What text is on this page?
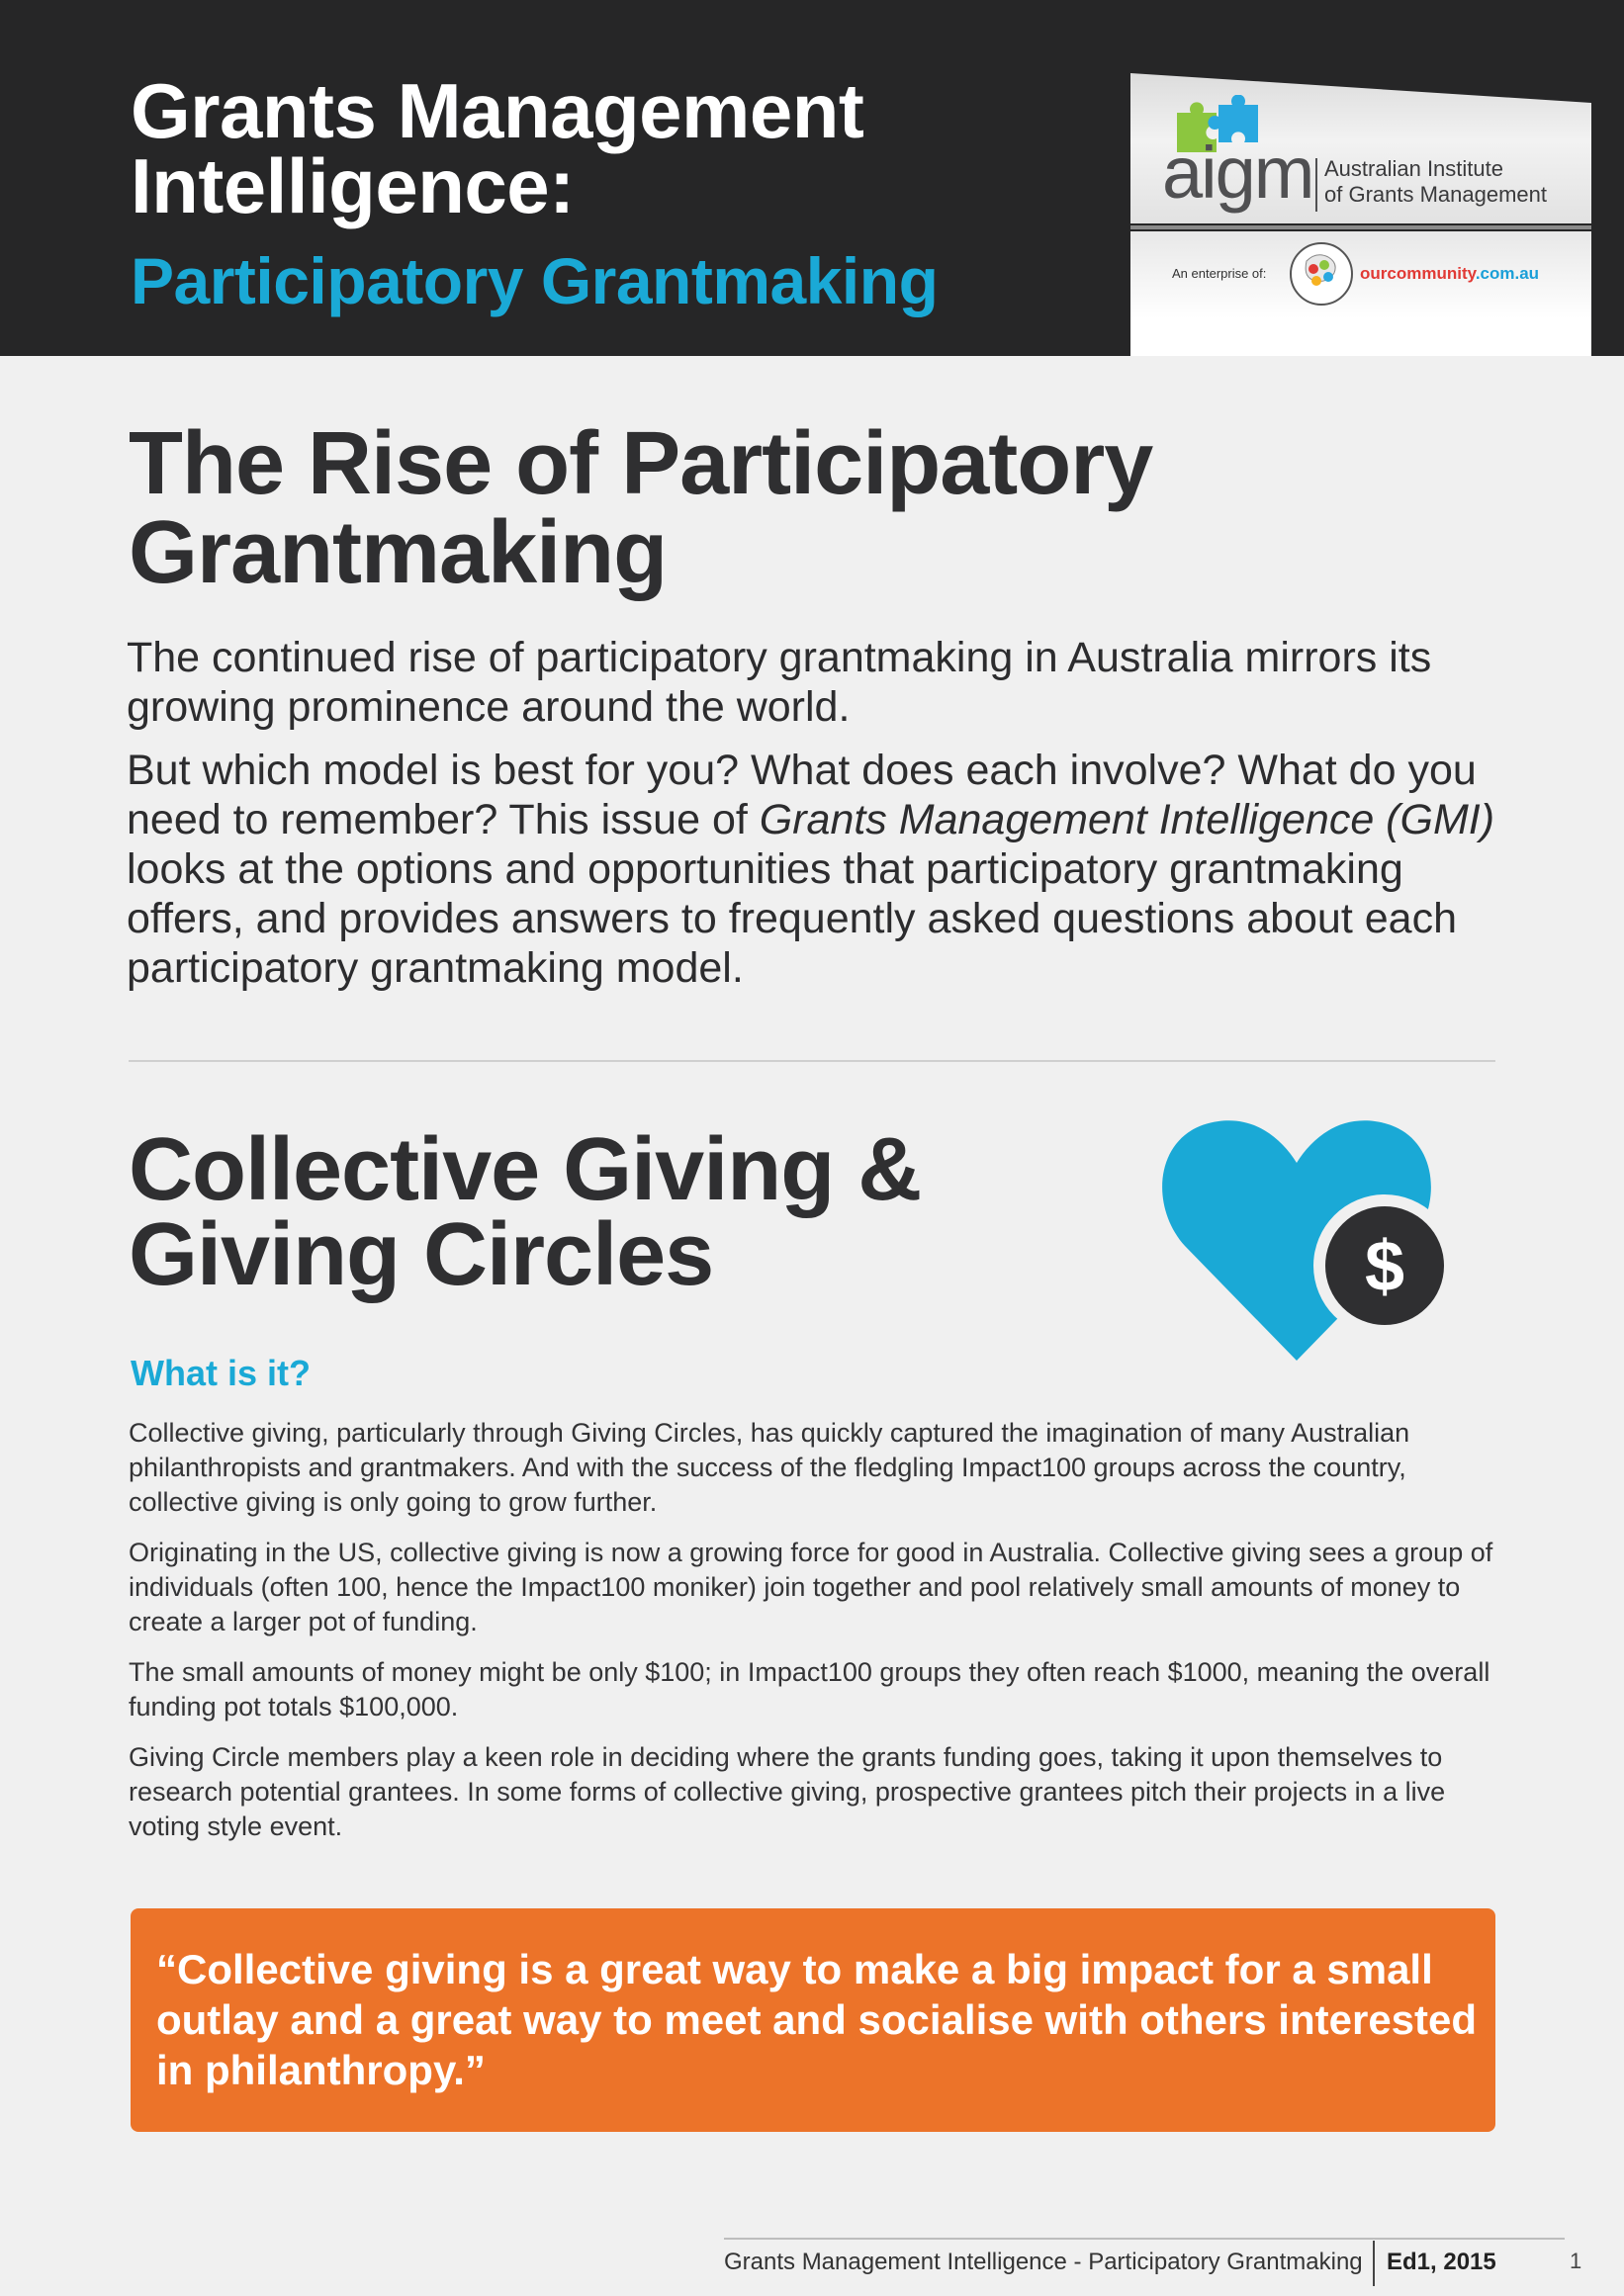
Grants Management
Intelligence:
Participatory Grantmaking
aigm Australian Institute
of Grants Management
An enterprise of:	ourcommunity.com.au
The Rise of Participatory
Grantmaking

The continued rise of participatory grantmaking in Australia mirrors its growing prominence around the world.

But which model is best for you? What does each involve? What do you need to remember? This issue of Grants Management Intelligence (GMI) looks at the options and opportunities that participatory grantmaking offers, and provides answers to frequently asked questions about each participatory grantmaking model.

Collective Giving &
Giving Circles	$
What is it?

Collective giving, particularly through Giving Circles, has quickly captured the imagination of many Australian philanthropists and grantmakers. And with the success of the fledgling Impact100 groups across the country, collective giving is only going to grow further.

Originating in the US, collective giving is now a growing force for good in Australia. Collective giving sees a group of individuals (often 100, hence the Impact100 moniker) join together and pool relatively small amounts of money to create a larger pot of funding.

The small amounts of money might be only $100; in Impact100 groups they often reach $1000, meaning the overall funding pot totals $100,000.

Giving Circle members play a keen role in deciding where the grants funding goes, taking it upon themselves to research potential grantees. In some forms of collective giving, prospective grantees pitch their projects in a live voting style event.

“Collective giving is a great way to make a big impact for a small outlay and a great way to meet and socialise with others interested in philanthropy.”
Grants Management Intelligence - Participatory Grantmaking Ed1, 2015	1
